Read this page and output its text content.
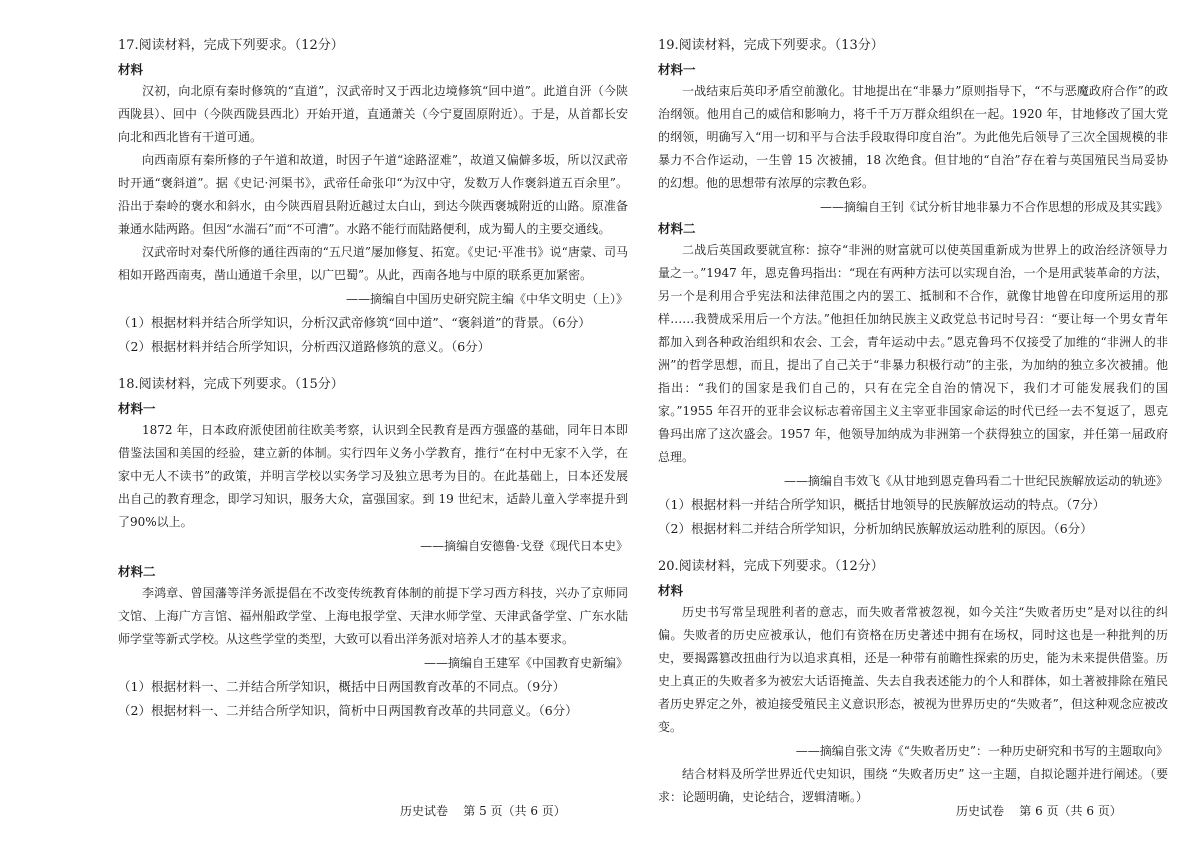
17.阅读材料，完成下列要求。（12分）

材料

汉初，向北原有秦时修筑的“直道”，汉武帝时又于西北边境修筑“回中道”。此道自汧（今陕西陇县）、回中（今陕西陇县西北）开始开道，直通萧关（今宁夏固原附近）。于是，从首都长安向北和西北皆有干道可通。

向西南原有秦所修的子午道和故道，时因子午道“途路涩难”，故道又偏僻多坂，所以汉武帝时开通“褒斜道”。据《史记·河渠书》，武帝任命张卬“为汉中守，发数万人作褒斜道五百余里”。沿出于秦岭的褒水和斜水，由今陕西眉县附近越过太白山，到达今陕西褒城附近的山路。原准备兼通水陆两路。但因“水湍石”而“不可漕”。水路不能行而陆路便利，成为蜀人的主要交通线。

汉武帝时对秦代所修的通往西南的“五尺道”屡加修复、拓宽。《史记·平准书》说“唐蒙、司马相如开路西南夷，凿山通道千余里，以广巴蜀”。从此，西南各地与中原的联系更加紧密。

——摘编自中国历史研究院主编《中华文明史（上）》

（1）根据材料并结合所学知识，分析汉武帝修筑“回中道”、“褒斜道”的背景。（6分）

（2）根据材料并结合所学知识，分析西汉道路修筑的意义。（6分）

18.阅读材料，完成下列要求。（15分）

材料一

1872 年，日本政府派使团前往欧美考察，认识到全民教育是西方强盛的基础，同年日本即借鉴法国和美国的经验，建立新的体制。实行四年义务小学教育，推行“在村中无家不入学，在家中无人不读书”的政策，并明言学校以实务学习及独立思考为目的。在此基础上，日本还发展出自己的教育理念，即学习知识，服务大众，富强国家。到 19 世纪末，适龄儿童入学率提升到了90%以上。

——摘编自安德鲁·戈登《现代日本史》

材料二

李鸿章、曾国藩等洋务派提倡在不改变传统教育体制的前提下学习西方科技，兴办了京师同文馆、上海广方言馆、福州船政学堂、上海电报学堂、天津水师学堂、天津武备学堂、广东水陆师学堂等新式学校。从这些学堂的类型，大致可以看出洋务派对培养人才的基本要求。

——摘编自王建军《中国教育史新编》

（1）根据材料一、二并结合所学知识，概括中日两国教育改革的不同点。（9分）

（2）根据材料一、二并结合所学知识，简析中日两国教育改革的共同意义。（6分）

19.阅读材料，完成下列要求。（13分）

材料一

一战结束后英印矛盾空前激化。甘地提出在“非暴力”原则指导下，“不与恶魔政府合作”的政治纲领。他用自己的威信和影响力，将千千万万群众组织在一起。1920 年，甘地修改了国大党的纲领，明确写入“用一切和平与合法手段取得印度自治”。为此他先后领导了三次全国规模的非暴力不合作运动，一生曾 15 次被捕，18 次绝食。但甘地的“自治”存在着与英国殖民当局妥协的幻想。他的思想带有浓厚的宗教色彩。

——摘编自王钊《试分析甘地非暴力不合作思想的形成及其实践》

材料二

二战后英国政要就宣称：掠夺“非洲的财富就可以使英国重新成为世界上的政治经济领导力量之一。”1947 年，恩克鲁玛指出：“现在有两种方法可以实现自治，一个是用武装革命的方法，另一个是利用合乎宪法和法律范围之内的罢工、抵制和不合作，就像甘地曾在印度所运用的那样……我赞成采用后一个方法。”他担任加纳民族主义政党总书记时号召：“要让每一个男女青年都加入到各种政治组织和农会、工会，青年运动中去。”恩克鲁玛不仅接受了加维的“非洲人的非洲”的哲学思想，而且，提出了自己关于“非暴力积极行动”的主张，为加纳的独立多次被捕。他指出：“我们的国家是我们自己的，只有在完全自治的情况下，我们才可能发展我们的国家。”1955 年召开的亚非会议标志着帝国主义主宰亚非国家命运的时代已经一去不复返了，恩克鲁玛出席了这次盛会。1957 年，他领导加纳成为非洲第一个获得独立的国家，并任第一届政府总理。

——摘编自韦效飞《从甘地到恩克鲁玛看二十世纪民族解放运动的轨迹》

（1）根据材料一并结合所学知识，概括甘地领导的民族解放运动的特点。（7分）

（2）根据材料二并结合所学知识，分析加纳民族解放运动胜利的原因。（6分）

20.阅读材料，完成下列要求。（12分）

材料

历史书写常呈现胜利者的意志，而失败者常被忽视，如今关注“失败者历史”是对以往的纠偏。失败者的历史应被承认，他们有资格在历史著述中拥有在场权，同时这也是一种批判的历史，要揭露篡改扭曲行为以追求真相，还是一种带有前瞻性探索的历史，能为未来提供借鉴。历史上真正的失败者多为被宏大话语掩盖、失去自我表述能力的个人和群体，如土著被排除在殖民者历史界定之外，被迫接受殖民主义意识形态，被视为世界历史的“失败者”，但这种观念应被改变。

——摘编自张文涛《“失败者历史”：一种历史研究和书写的主题取向》

结合材料及所学世界近代史知识，围绕 “失败者历史” 这一主题，自拟论题并进行阐述。（要求：论题明确，史论结合，逻辑清晰。）

历史试卷    第 5 页（共 6 页）	历史试卷    第 6 页（共 6 页）
